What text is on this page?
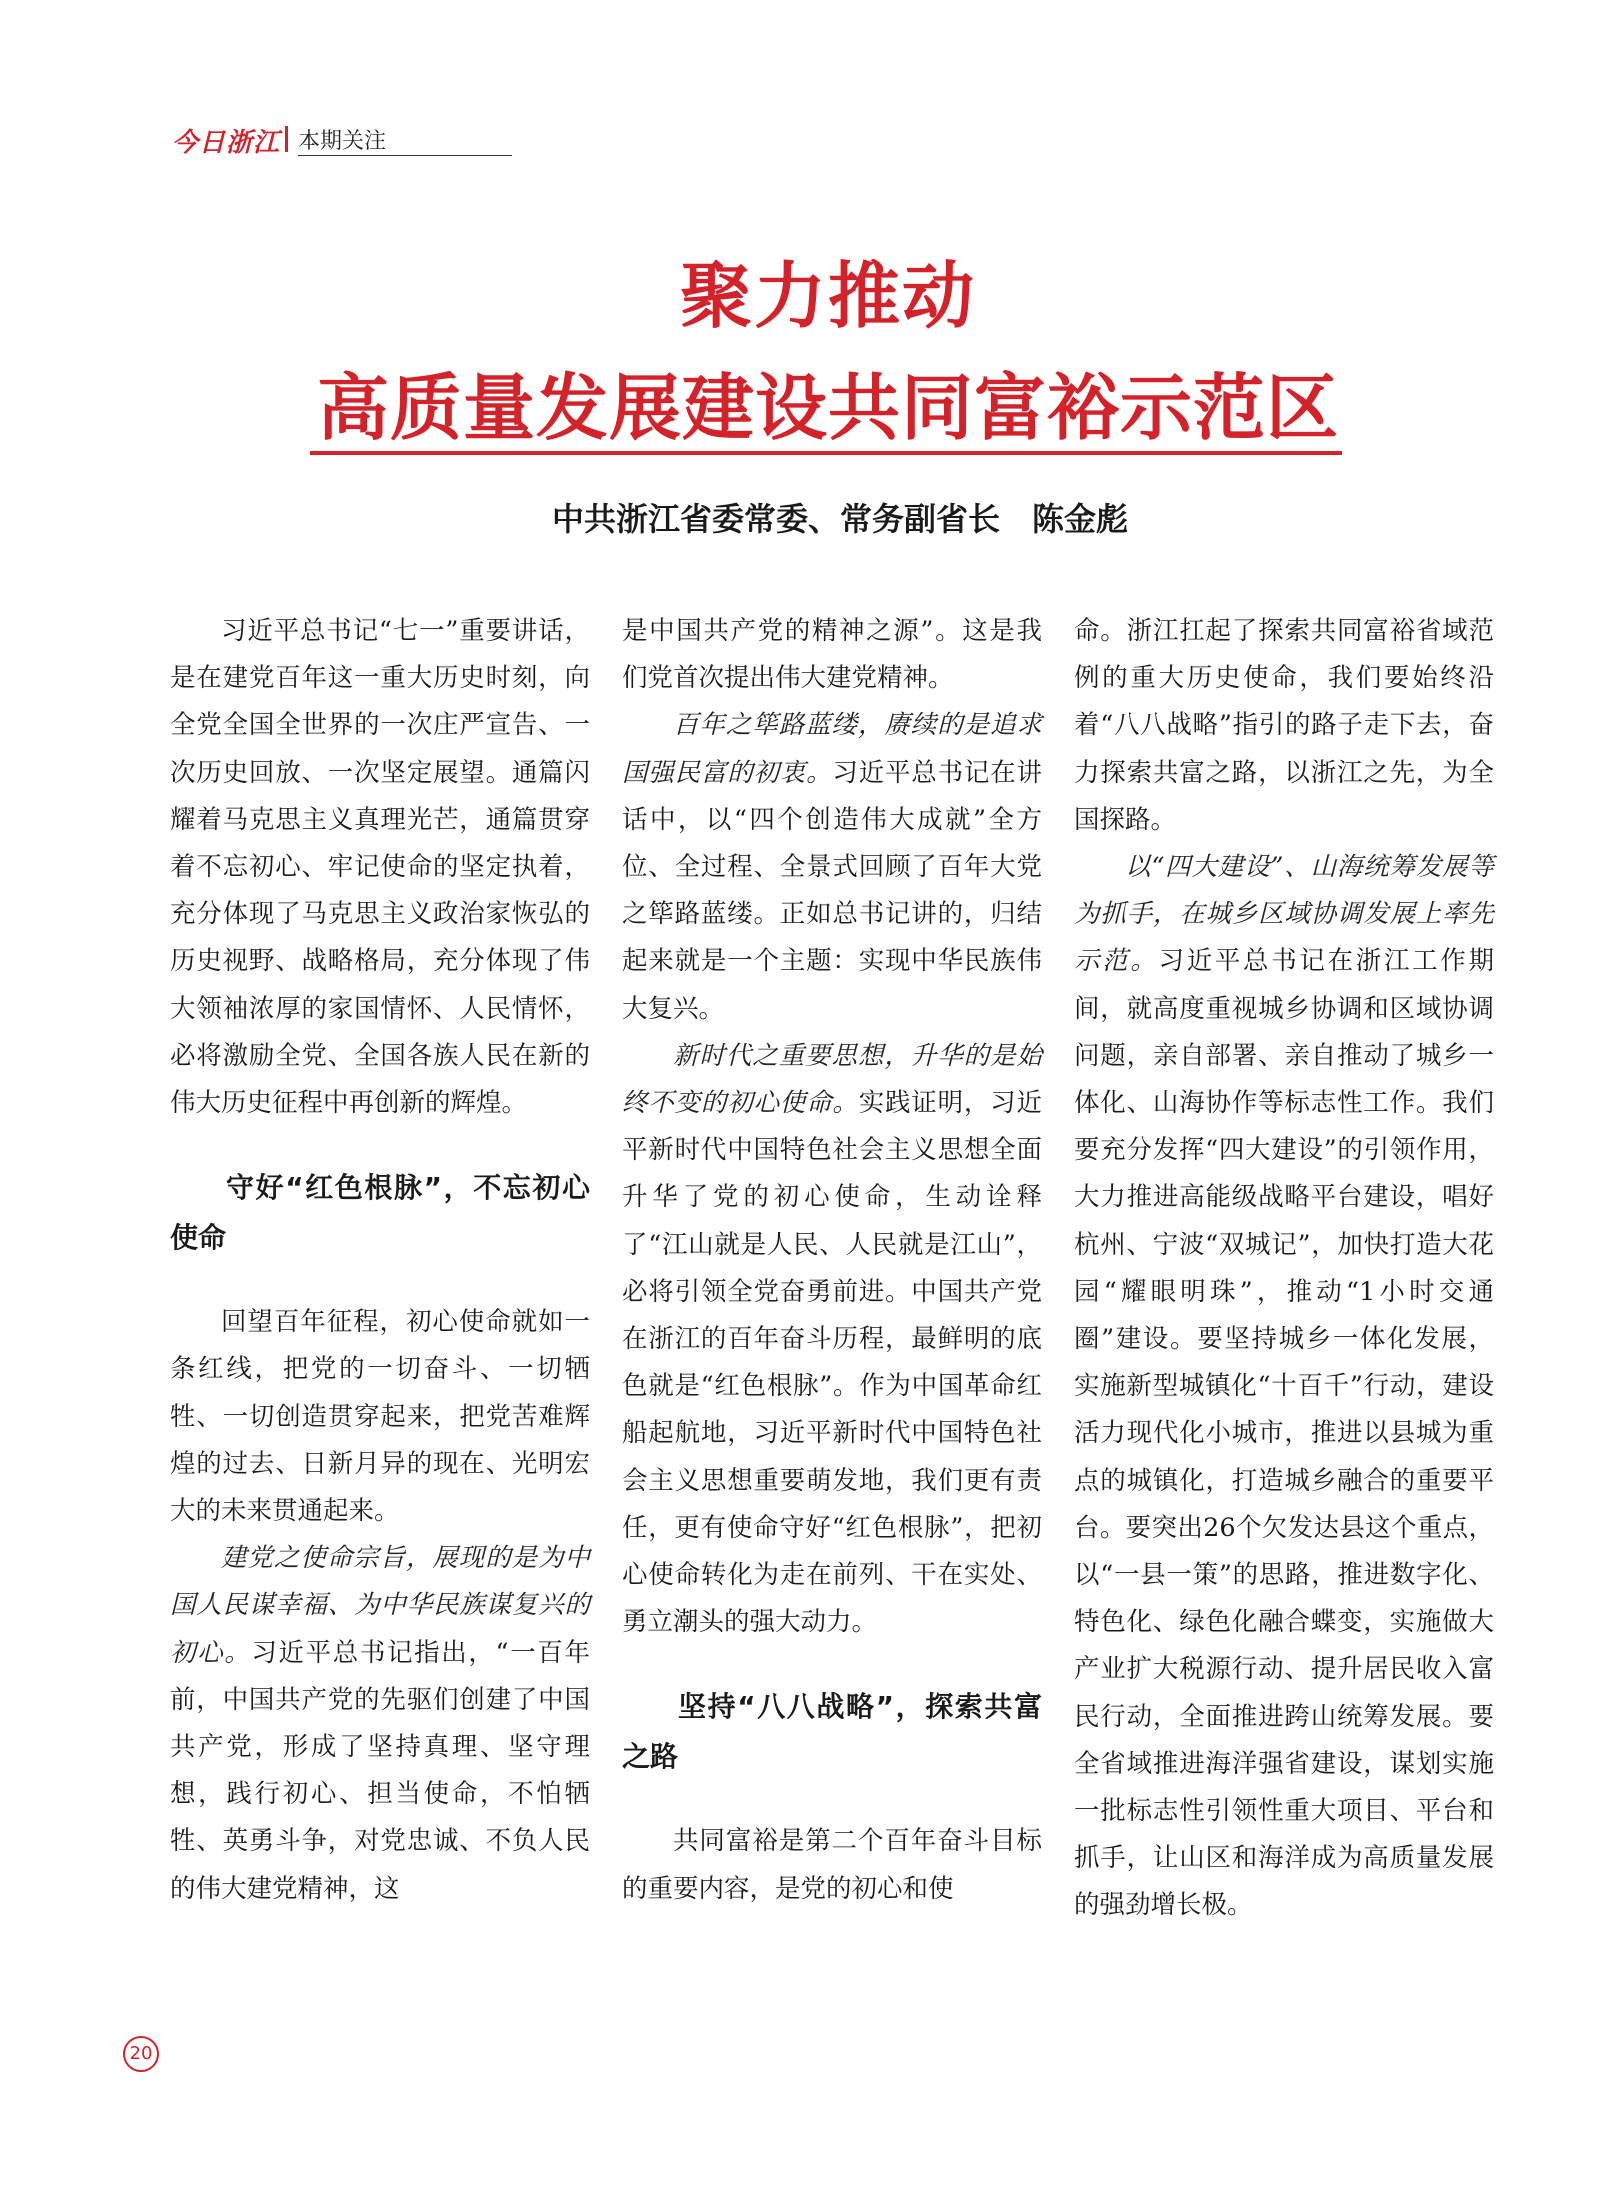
今日浙江 本期关注
聚力推动
高质量发展建设共同富裕示范区
中共浙江省委常委、常务副省长　陈金彪

习近平总书记“七一”重要讲话，是在建党百年这一重大历史时刻，向全党全国全世界的一次庄严宣告、一次历史回放、一次坚定展望。通篇闪耀着马克思主义真理光芒，通篇贯穿着不忘初心、牢记使命的坚定执着，充分体现了马克思主义政治家恢弘的历史视野、战略格局，充分体现了伟大领袖浓厚的家国情怀、人民情怀，必将激励全党、全国各族人民在新的伟大历史征程中再创新的辉煌。

守好“红色根脉”，不忘初心使命

回望百年征程，初心使命就如一条红线，把党的一切奋斗、一切牺牲、一切创造贯穿起来，把党苦难辉煌的过去、日新月异的现在、光明宏大的未来贯通起来。

建党之使命宗旨，展现的是为中国人民谋幸福、为中华民族谋复兴的初心。习近平总书记指出，“一百年前，中国共产党的先驱们创建了中国共产党，形成了坚持真理、坚守理想，践行初心、担当使命，不怕牺牲、英勇斗争，对党忠诚、不负人民的伟大建党精神，这

是中国共产党的精神之源”。这是我们党首次提出伟大建党精神。

百年之筚路蓝缕，赓续的是追求国强民富的初衷。习近平总书记在讲话中，以“四个创造伟大成就”全方位、全过程、全景式回顾了百年大党之筚路蓝缕。正如总书记讲的，归结起来就是一个主题：实现中华民族伟大复兴。

新时代之重要思想，升华的是始终不变的初心使命。实践证明，习近平新时代中国特色社会主义思想全面升华了党的初心使命，生动诠释了“江山就是人民、人民就是江山”，必将引领全党奋勇前进。中国共产党在浙江的百年奋斗历程，最鲜明的底色就是“红色根脉”。作为中国革命红船起航地，习近平新时代中国特色社会主义思想重要萌发地，我们更有责任，更有使命守好“红色根脉”，把初心使命转化为走在前列、干在实处、勇立潮头的强大动力。

坚持“八八战略”，探索共富之路

共同富裕是第二个百年奋斗目标的重要内容，是党的初心和使

命。浙江扛起了探索共同富裕省域范例的重大历史使命，我们要始终沿着“八八战略”指引的路子走下去，奋力探索共富之路，以浙江之先，为全国探路。

以“四大建设”、山海统筹发展等为抓手，在城乡区域协调发展上率先示范。习近平总书记在浙江工作期间，就高度重视城乡协调和区域协调问题，亲自部署、亲自推动了城乡一体化、山海协作等标志性工作。我们要充分发挥“四大建设”的引领作用，大力推进高能级战略平台建设，唱好杭州、宁波“双城记”，加快打造大花园“耀眼明珠”，推动“1小时交通圈”建设。要坚持城乡一体化发展，实施新型城镇化“十百千”行动，建设活力现代化小城市，推进以县城为重点的城镇化，打造城乡融合的重要平台。要突出26个欠发达县这个重点，以“一县一策”的思路，推进数字化、特色化、绿色化融合蝶变，实施做大产业扩大税源行动、提升居民收入富民行动，全面推进跨山统筹发展。要全省域推进海洋强省建设，谋划实施一批标志性引领性重大项目、平台和抓手，让山区和海洋成为高质量发展的强劲增长极。

20
